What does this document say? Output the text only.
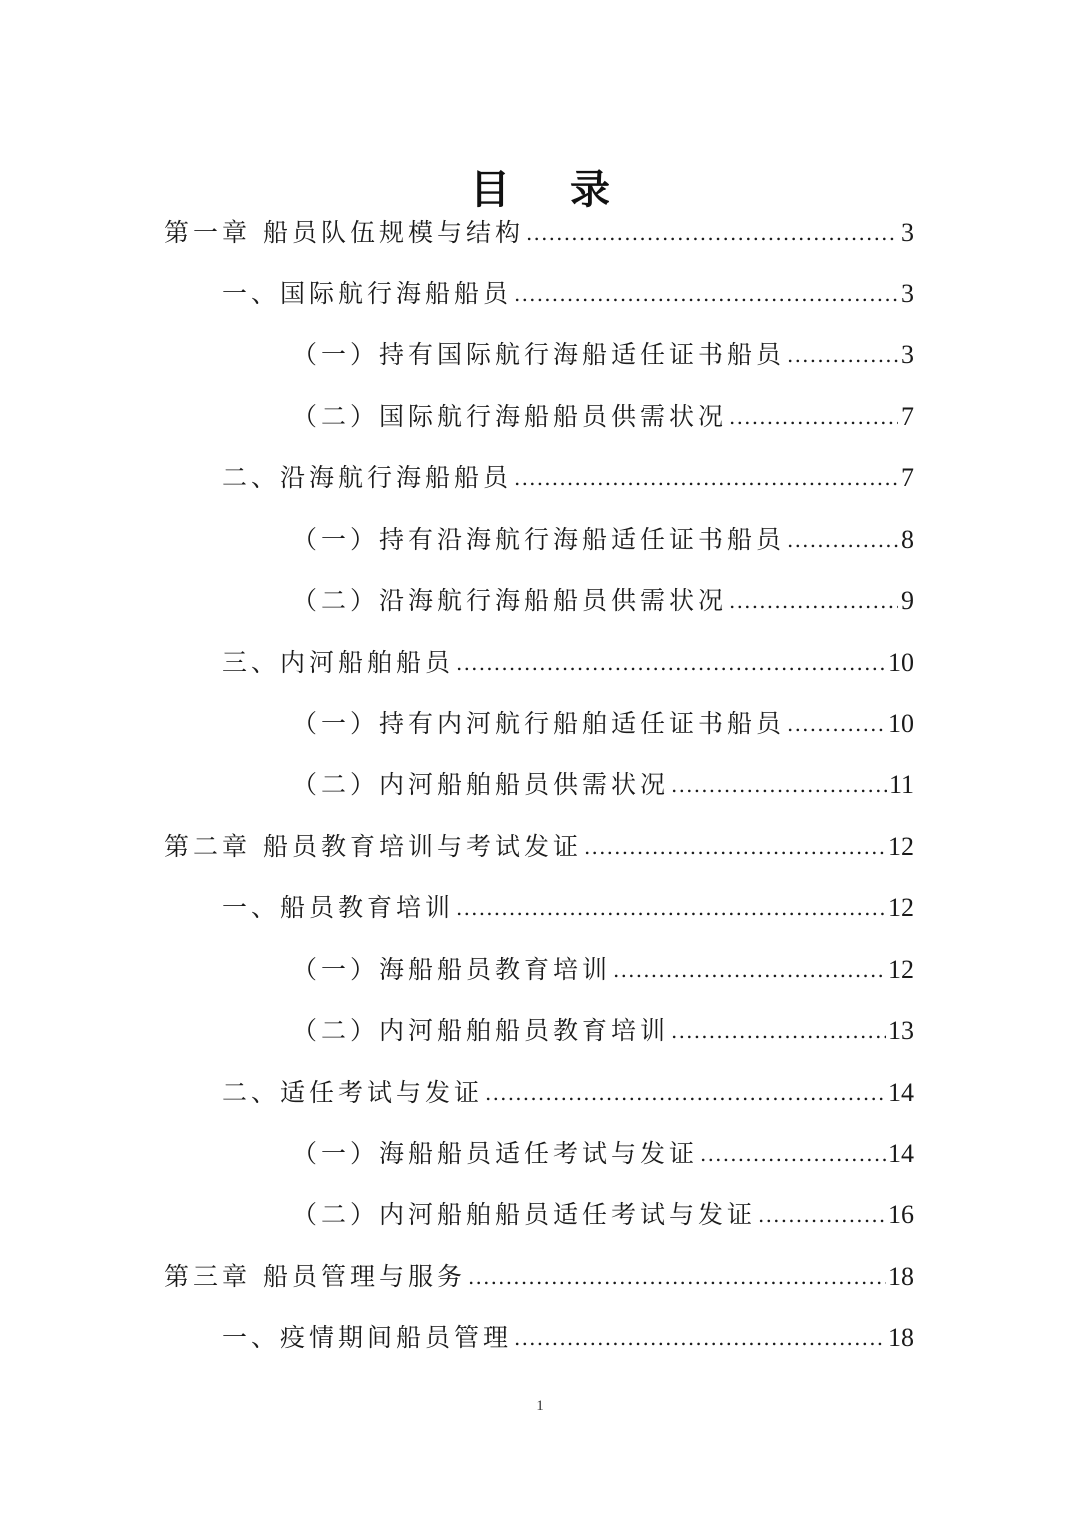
目 录
第一章 船员队伍规模与结构 .....	3
一、国际航行海船船员 .....	3
（一）持有国际航行海船适任证书船员 .....	3
（二）国际航行海船船员供需状况 .....	7
二、沿海航行海船船员 .....	7
（一）持有沿海航行海船适任证书船员 .....	8
（二）沿海航行海船船员供需状况 .....	9
三、内河船舶船员 .....	10
（一）持有内河航行船舶适任证书船员 .....	10
（二）内河船舶船员供需状况 .....	11
第二章 船员教育培训与考试发证 .....	12
一、船员教育培训 .....	12
（一）海船船员教育培训 .....	12
（二）内河船舶船员教育培训 .....	13
二、适任考试与发证 .....	14
（一）海船船员适任考试与发证 .....	14
（二）内河船舶船员适任考试与发证 .....	16
第三章 船员管理与服务 .....	18
一、疫情期间船员管理 .....	18
1
